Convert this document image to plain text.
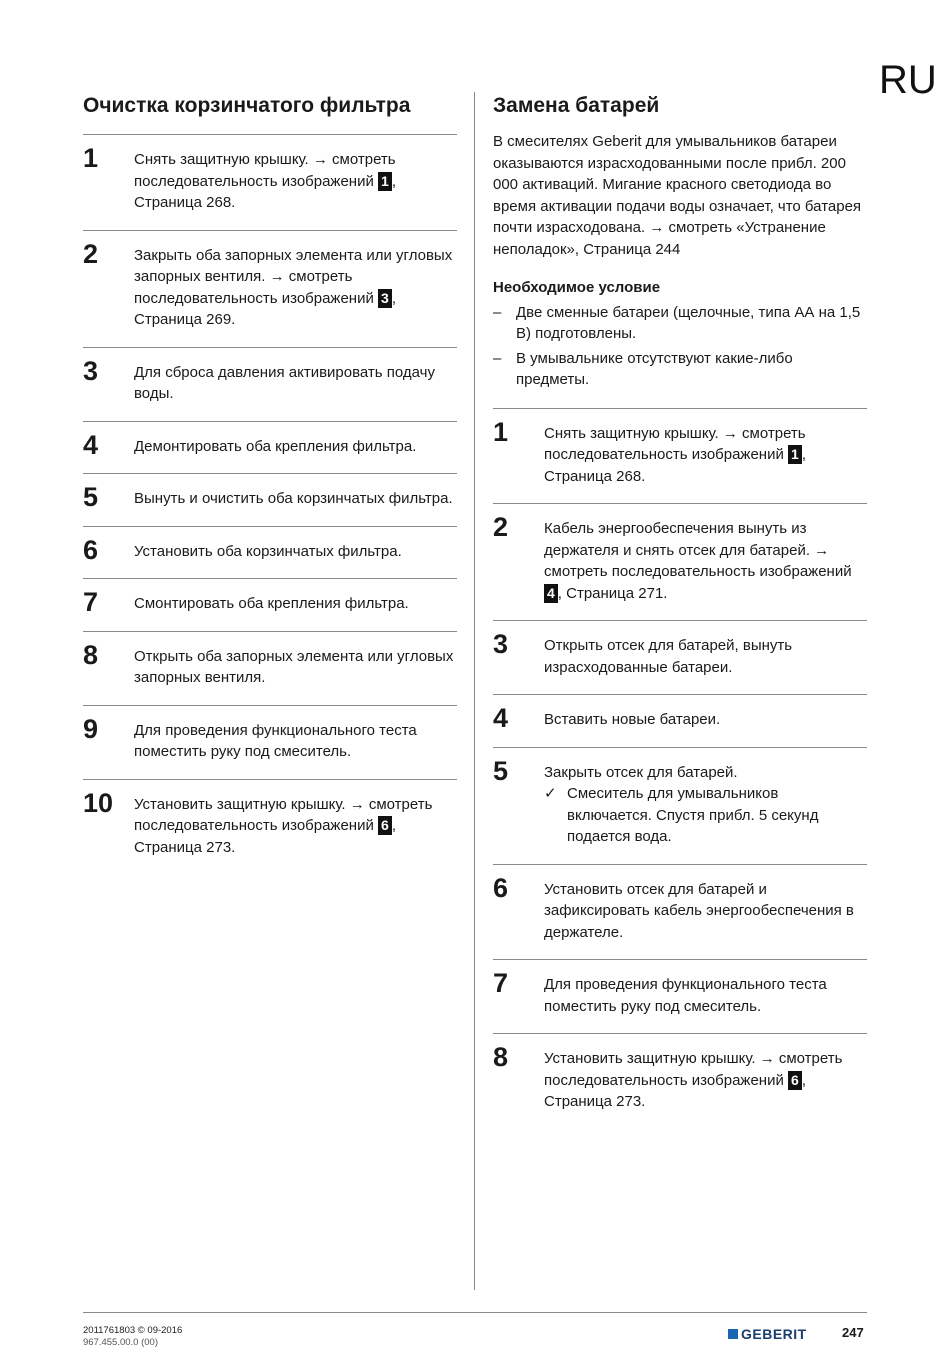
RU
Очистка корзинчатого фильтра
1 Снять защитную крышку. → смотреть последовательность изображений 1 , Страница 268.
2 Закрыть оба запорных элемента или угловых запорных вентиля. → смотреть последовательность изображений 3 , Страница 269.
3 Для сброса давления активировать подачу воды.
4 Демонтировать оба крепления фильтра.
5 Вынуть и очистить оба корзинчатых фильтра.
6 Установить оба корзинчатых фильтра.
7 Смонтировать оба крепления фильтра.
8 Открыть оба запорных элемента или угловых запорных вентиля.
9 Для проведения функционального теста поместить руку под смеситель.
10 Установить защитную крышку. → смотреть последовательность изображений 6 , Страница 273.
Замена батарей

В смесителях Geberit для умывальников батареи оказываются израсходованными после прибл. 200 000 активаций. Мигание красного светодиода во время активации подачи воды означает, что батарея почти израсходована. → смотреть «Устранение неполадок», Страница 244

Необходимое условие
– Две сменные батареи (щелочные, типа АА на 1,5 В) подготовлены.
– В умывальнике отсутствуют какие-либо предметы.
1 Снять защитную крышку. → смотреть последовательность изображений 1 , Страница 268.
2 Кабель энергообеспечения вынуть из держателя и снять отсек для батарей. → смотреть последовательность изображений 4 , Страница 271.
3 Открыть отсек для батарей, вынуть израсходованные батареи.
4 Вставить новые батареи.
5 Закрыть отсек для батарей.
✓ Смеситель для умывальников включается. Спустя прибл. 5 секунд подается вода.
6 Установить отсек для батарей и зафиксировать кабель энергообеспечения в держателе.
7 Для проведения функционального теста поместить руку под смеситель.
8 Установить защитную крышку. → смотреть последовательность изображений 6 , Страница 273.
2011761803 © 09-2016
967.455.00.0 (00)
GEBERIT	247
